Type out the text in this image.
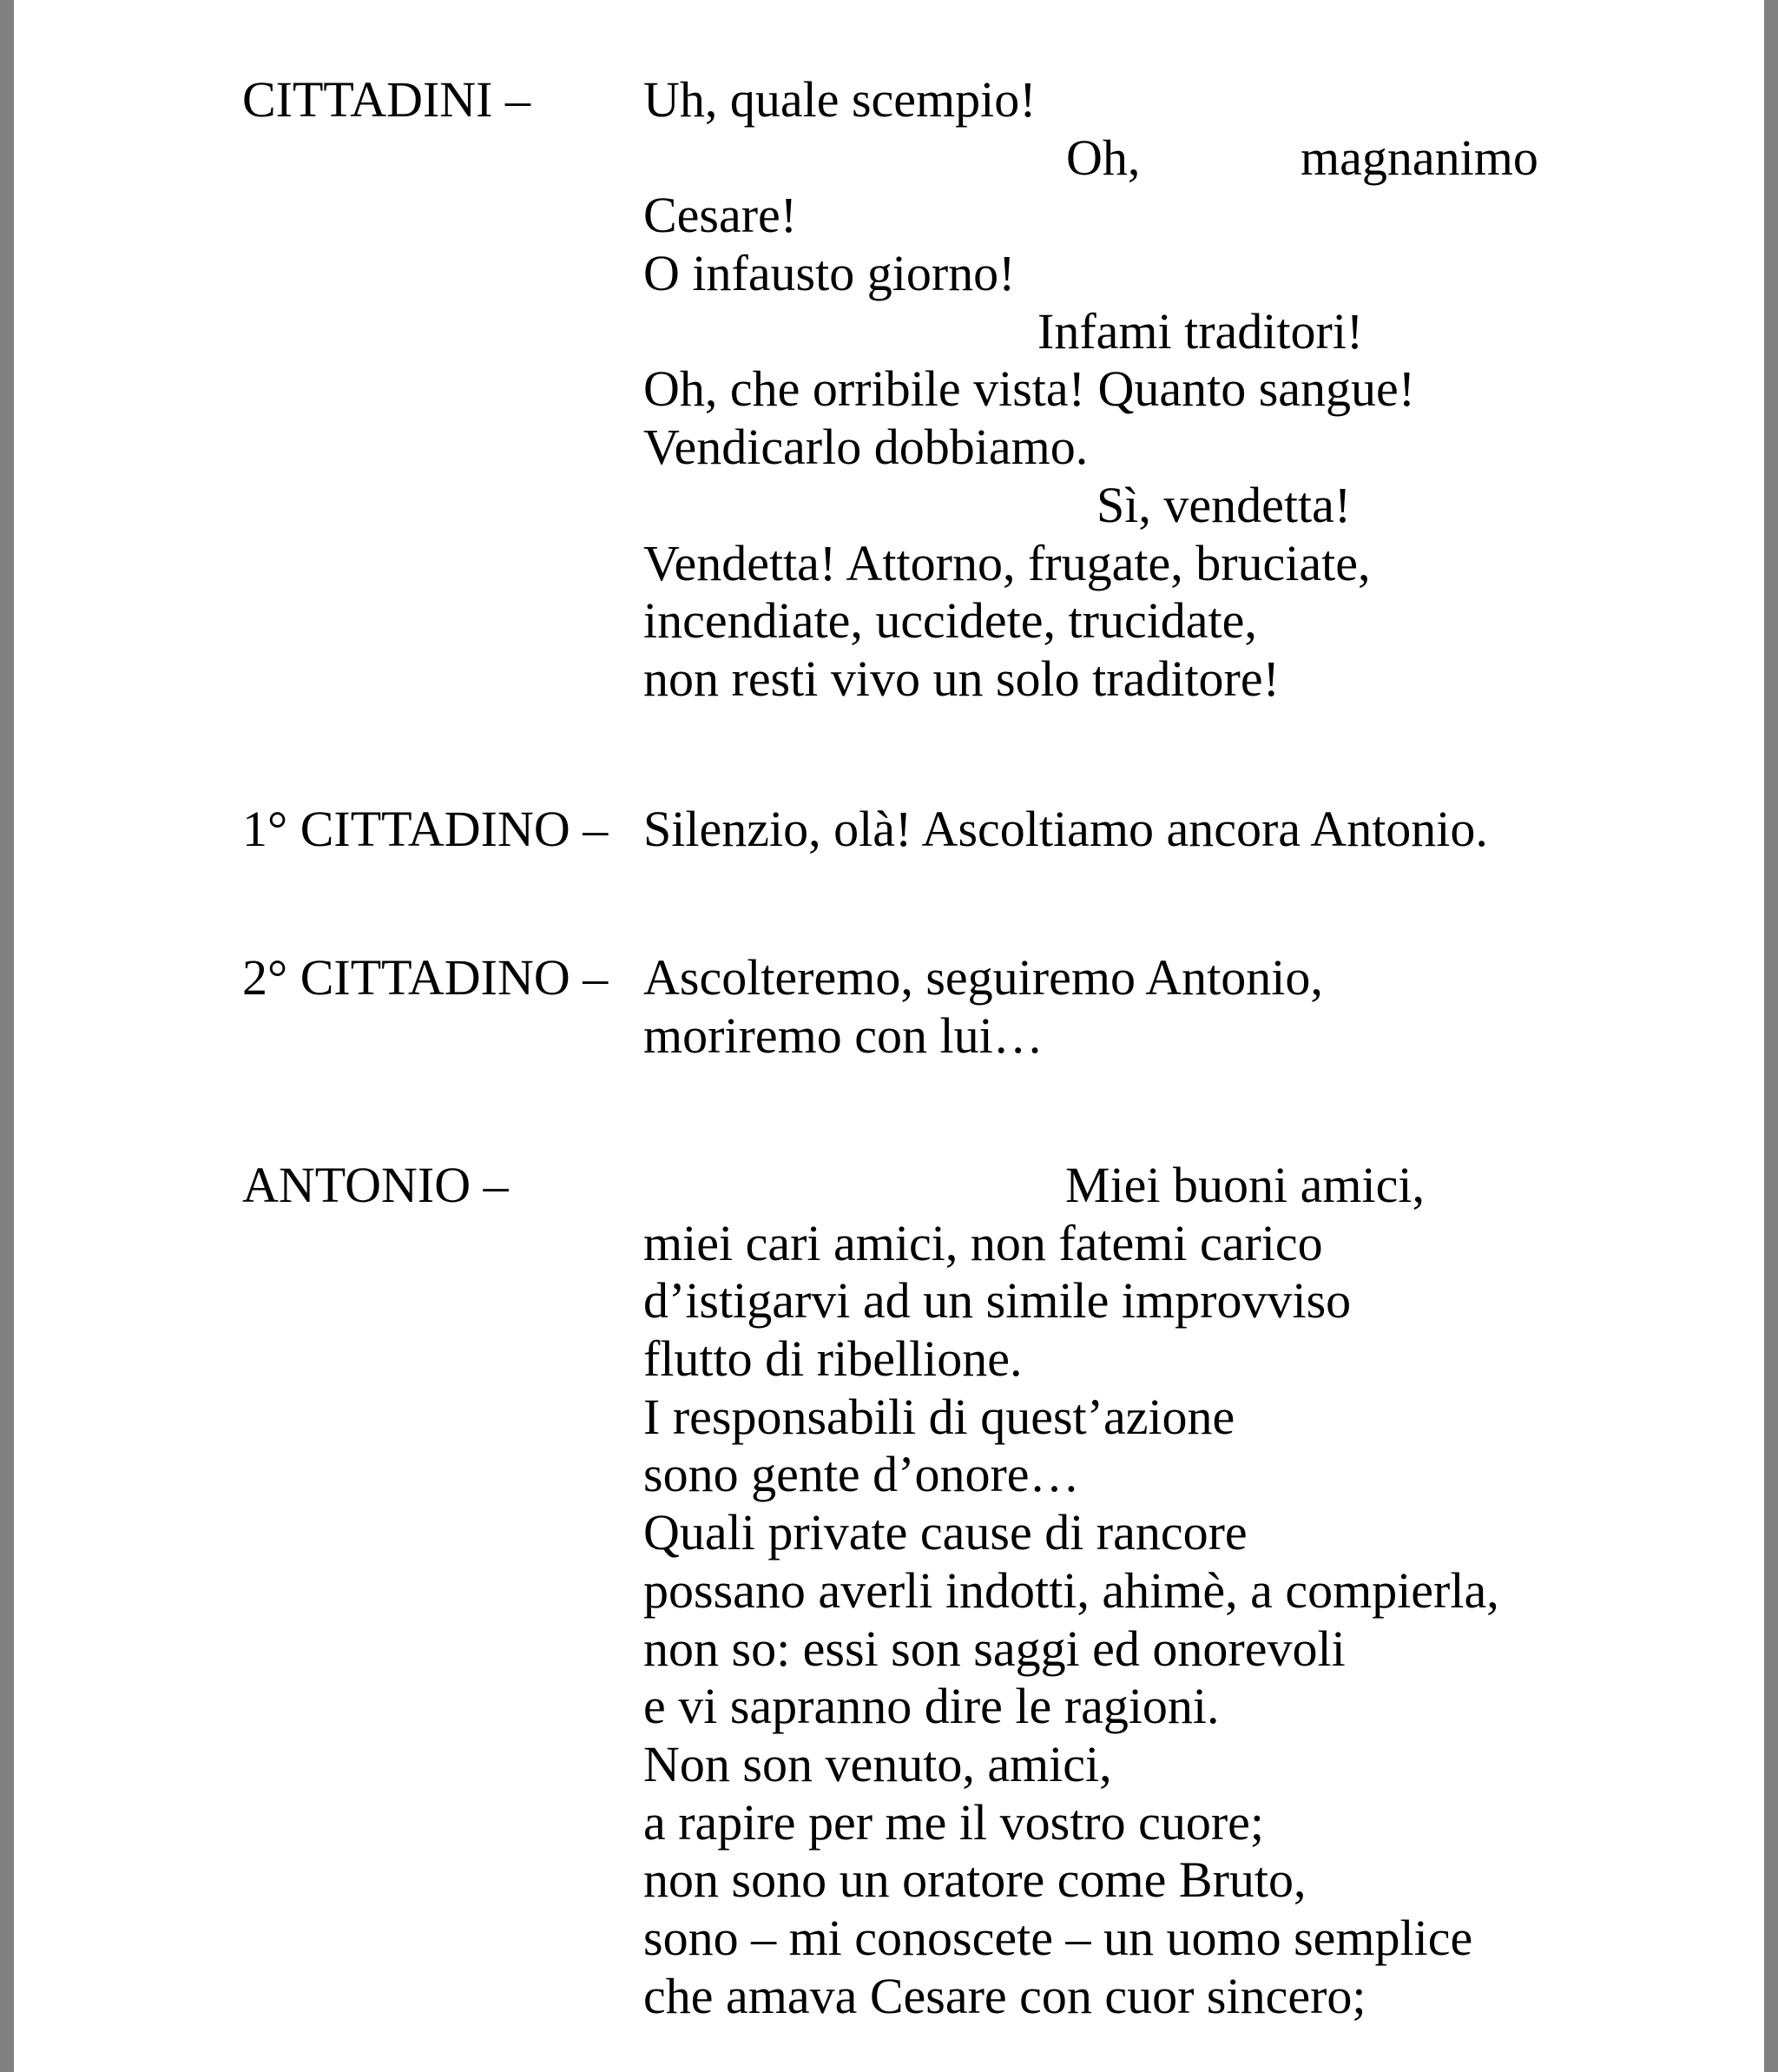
CITTADINI – Uh, quale scempio!
Oh,	magnanimo
Cesare!
O infausto giorno!
Infami traditori!
Oh, che orribile vista! Quanto sangue!
Vendicarlo dobbiamo.
Sì, vendetta!
Vendetta! Attorno, frugate, bruciate,
incendiate, uccidete, trucidate,
non resti vivo un solo traditore!
1° CITTADINO – Silenzio, olà! Ascoltiamo ancora Antonio.
2° CITTADINO – Ascolteremo, seguiremo Antonio,
moriremo con lui…
ANTONIO –	Miei buoni amici,
miei cari amici, non fatemi carico
d’istigarvi ad un simile improvviso
flutto di ribellione.
I responsabili di quest’azione
sono gente d’onore…
Quali private cause di rancore
possano averli indotti, ahimè, a compierla,
non so: essi son saggi ed onorevoli
e vi sapranno dire le ragioni.
Non son venuto, amici,
a rapire per me il vostro cuore;
non sono un oratore come Bruto,
sono – mi conoscete – un uomo semplice
che amava Cesare con cuor sincero;
